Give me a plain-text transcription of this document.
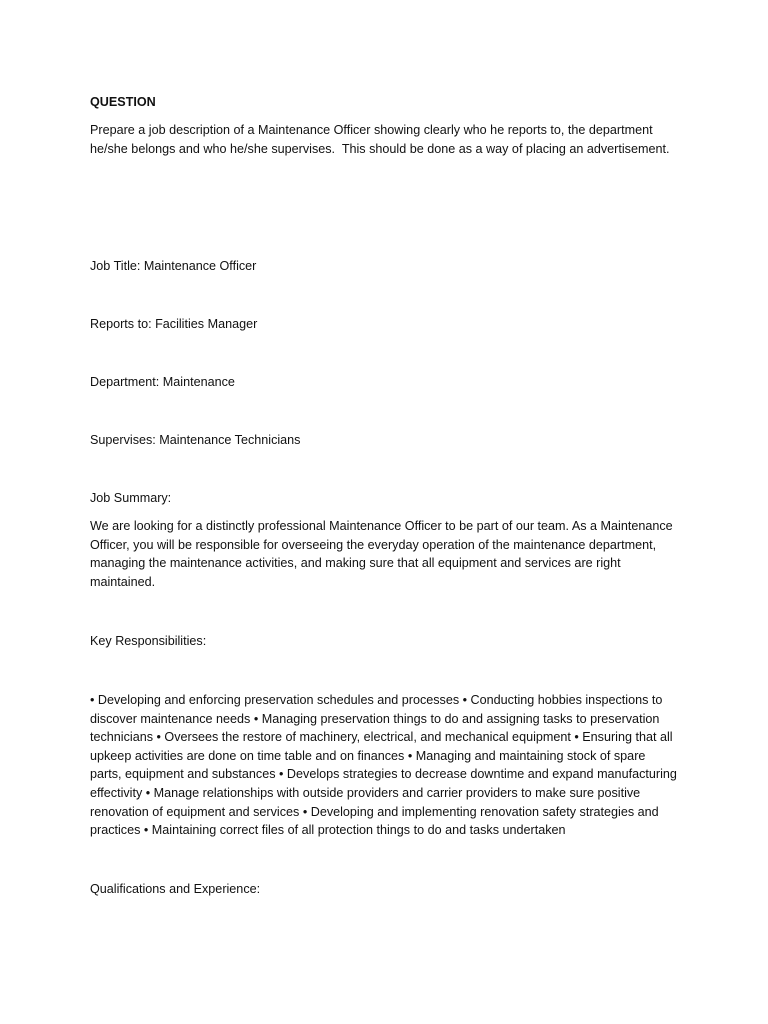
QUESTION

Prepare a job description of a Maintenance Officer showing clearly who he reports to, the department he/she belongs and who he/she supervises.  This should be done as a way of placing an advertisement.

Job Title: Maintenance Officer

Reports to: Facilities Manager

Department: Maintenance

Supervises: Maintenance Technicians

Job Summary:

We are looking for a distinctly professional Maintenance Officer to be part of our team. As a Maintenance Officer, you will be responsible for overseeing the everyday operation of the maintenance department, managing the maintenance activities, and making sure that all equipment and services are right maintained.

Key Responsibilities:

• Developing and enforcing preservation schedules and processes • Conducting hobbies inspections to discover maintenance needs • Managing preservation things to do and assigning tasks to preservation technicians • Oversees the restore of machinery, electrical, and mechanical equipment • Ensuring that all upkeep activities are done on time table and on finances • Managing and maintaining stock of spare parts, equipment and substances • Develops strategies to decrease downtime and expand manufacturing effectivity • Manage relationships with outside providers and carrier providers to make sure positive renovation of equipment and services • Developing and implementing renovation safety strategies and practices • Maintaining correct files of all protection things to do and tasks undertaken

Qualifications and Experience:
